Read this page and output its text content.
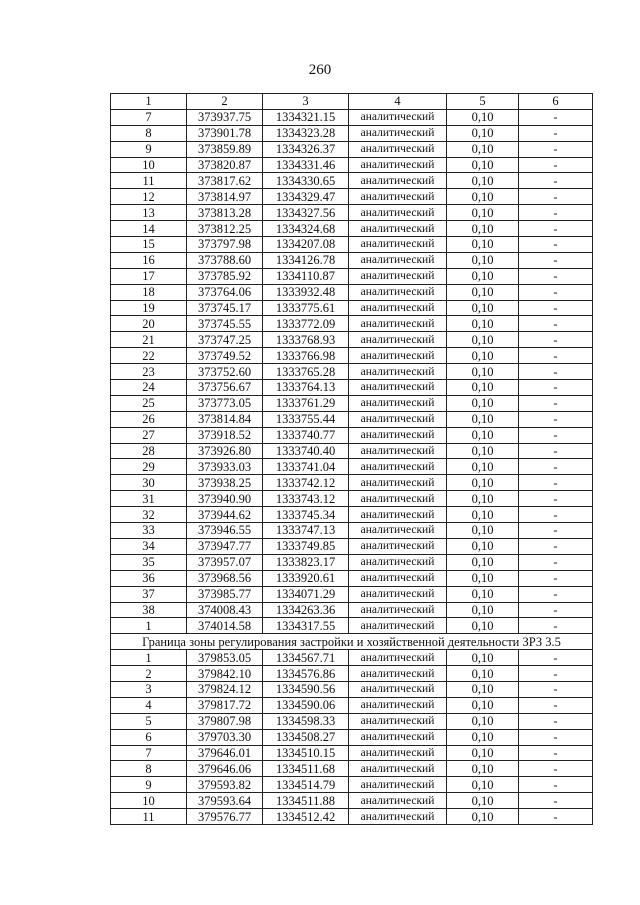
260
1	2	3	4	5	6
7	373937.75	1334321.15	аналитический	0,10	-
8	373901.78	1334323.28	аналитический	0,10	-
9	373859.89	1334326.37	аналитический	0,10	-
10	373820.87	1334331.46	аналитический	0,10	-
11	373817.62	1334330.65	аналитический	0,10	-
12	373814.97	1334329.47	аналитический	0,10	-
13	373813.28	1334327.56	аналитический	0,10	-
14	373812.25	1334324.68	аналитический	0,10	-
15	373797.98	1334207.08	аналитический	0,10	-
16	373788.60	1334126.78	аналитический	0,10	-
17	373785.92	1334110.87	аналитический	0,10	-
18	373764.06	1333932.48	аналитический	0,10	-
19	373745.17	1333775.61	аналитический	0,10	-
20	373745.55	1333772.09	аналитический	0,10	-
21	373747.25	1333768.93	аналитический	0,10	-
22	373749.52	1333766.98	аналитический	0,10	-
23	373752.60	1333765.28	аналитический	0,10	-
24	373756.67	1333764.13	аналитический	0,10	-
25	373773.05	1333761.29	аналитический	0,10	-
26	373814.84	1333755.44	аналитический	0,10	-
27	373918.52	1333740.77	аналитический	0,10	-
28	373926.80	1333740.40	аналитический	0,10	-
29	373933.03	1333741.04	аналитический	0,10	-
30	373938.25	1333742.12	аналитический	0,10	-
31	373940.90	1333743.12	аналитический	0,10	-
32	373944.62	1333745.34	аналитический	0,10	-
33	373946.55	1333747.13	аналитический	0,10	-
34	373947.77	1333749.85	аналитический	0,10	-
35	373957.07	1333823.17	аналитический	0,10	-
36	373968.56	1333920.61	аналитический	0,10	-
37	373985.77	1334071.29	аналитический	0,10	-
38	374008.43	1334263.36	аналитический	0,10	-
1	374014.58	1334317.55	аналитический	0,10	-
Граница зоны регулирования застройки и хозяйственной деятельности ЗРЗ 3.5					
1	379853.05	1334567.71	аналитический	0,10	-
2	379842.10	1334576.86	аналитический	0,10	-
3	379824.12	1334590.56	аналитический	0,10	-
4	379817.72	1334590.06	аналитический	0,10	-
5	379807.98	1334598.33	аналитический	0,10	-
6	379703.30	1334508.27	аналитический	0,10	-
7	379646.01	1334510.15	аналитический	0,10	-
8	379646.06	1334511.68	аналитический	0,10	-
9	379593.82	1334514.79	аналитический	0,10	-
10	379593.64	1334511.88	аналитический	0,10	-
11	379576.77	1334512.42	аналитический	0,10	-
